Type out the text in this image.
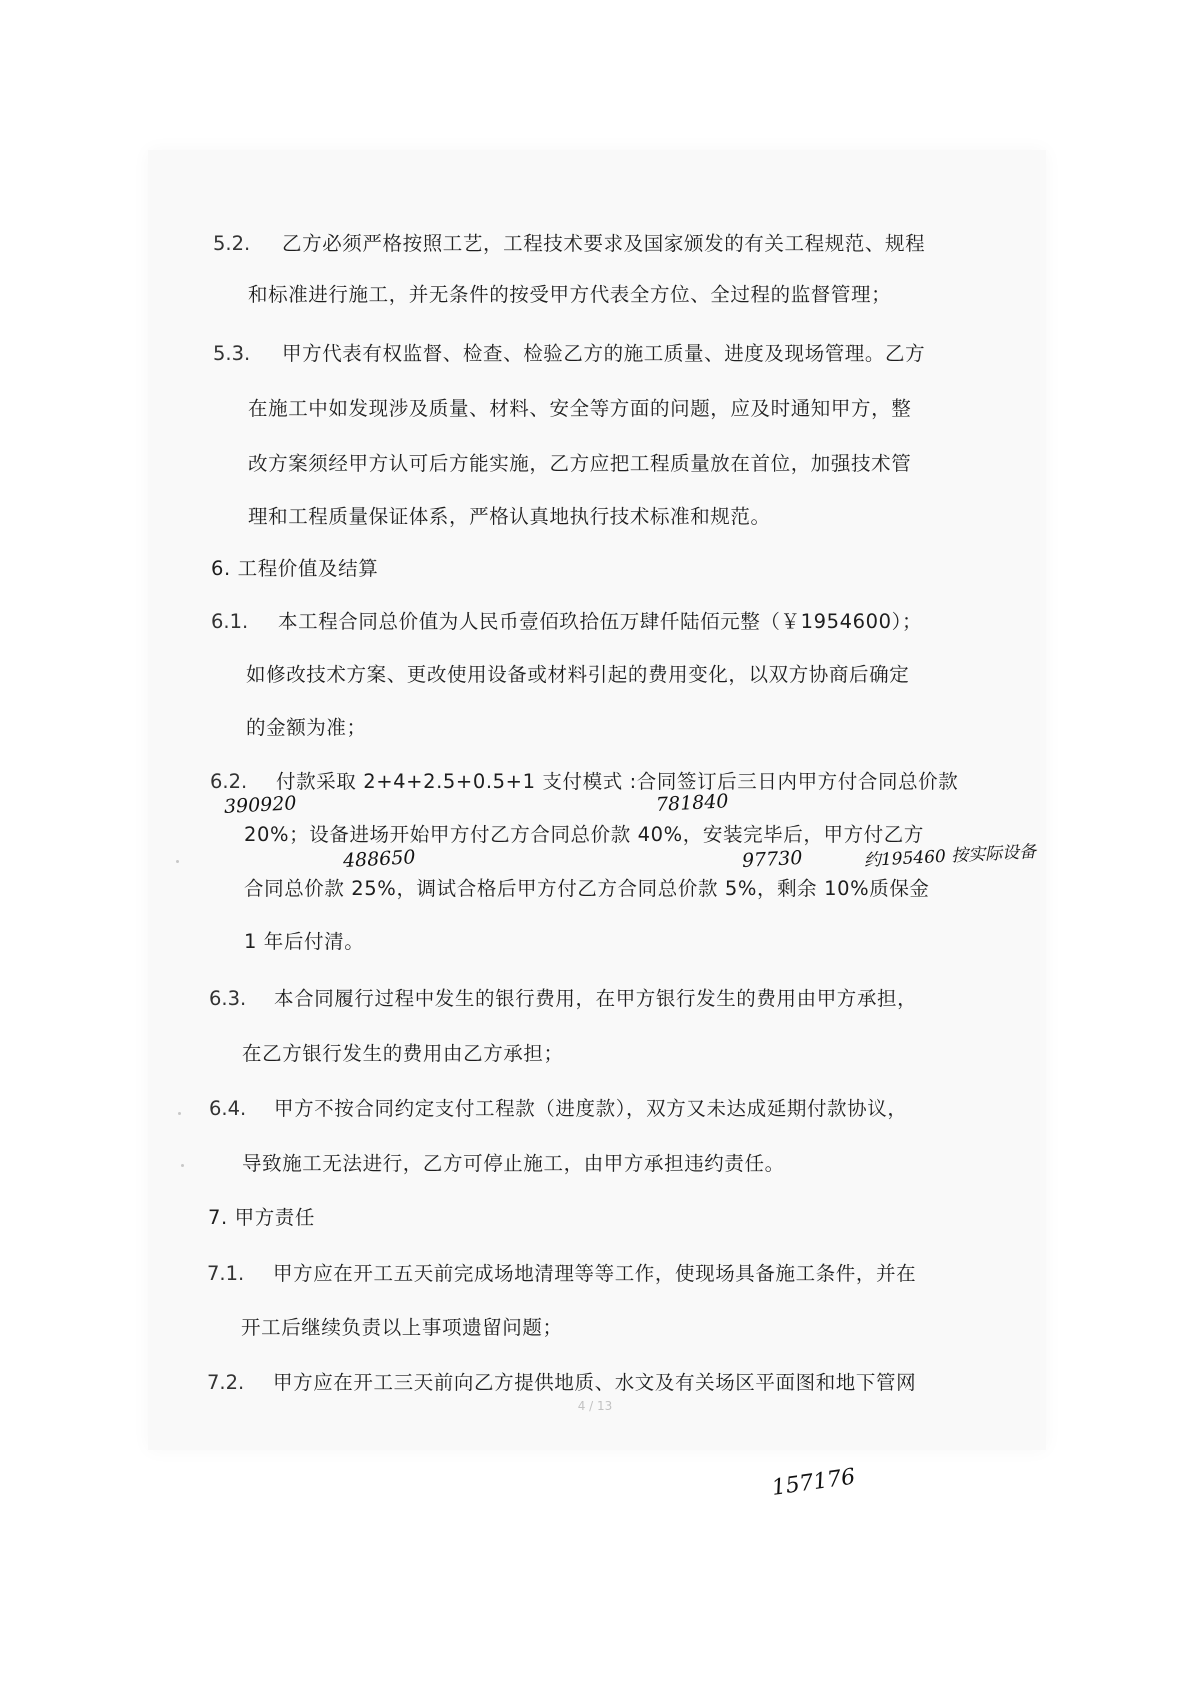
5.2. 乙方必须严格按照工艺，工程技术要求及国家颁发的有关工程规范、规程
和标准进行施工，并无条件的按受甲方代表全方位、全过程的监督管理；
5.3. 甲方代表有权监督、检查、检验乙方的施工质量、进度及现场管理。乙方
在施工中如发现涉及质量、材料、安全等方面的问题，应及时通知甲方，整
改方案须经甲方认可后方能实施，乙方应把工程质量放在首位，加强技术管
理和工程质量保证体系，严格认真地执行技术标准和规范。
6. 工程价值及结算
6.1. 本工程合同总价值为人民币壹佰玖拾伍万肆仟陆佰元整（￥1954600）；
如修改技术方案、更改使用设备或材料引起的费用变化，以双方协商后确定
的金额为准；
6.2. 付款采取 2+4+2.5+0.5+1 支付模式 :合同签订后三日内甲方付合同总价款
20%；设备进场开始甲方付乙方合同总价款 40%，安装完毕后，甲方付乙方
合同总价款 25%，调试合格后甲方付乙方合同总价款 5%，剩余 10%质保金
1 年后付清。
390920	781840
488650	97730	约195460 按实际设备
6.3. 本合同履行过程中发生的银行费用，在甲方银行发生的费用由甲方承担，
在乙方银行发生的费用由乙方承担；
6.4. 甲方不按合同约定支付工程款（进度款），双方又未达成延期付款协议，
导致施工无法进行，乙方可停止施工，由甲方承担违约责任。
7. 甲方责任
7.1. 甲方应在开工五天前完成场地清理等等工作，使现场具备施工条件，并在
开工后继续负责以上事项遗留问题；
7.2. 甲方应在开工三天前向乙方提供地质、水文及有关场区平面图和地下管网
4 / 13
157176
